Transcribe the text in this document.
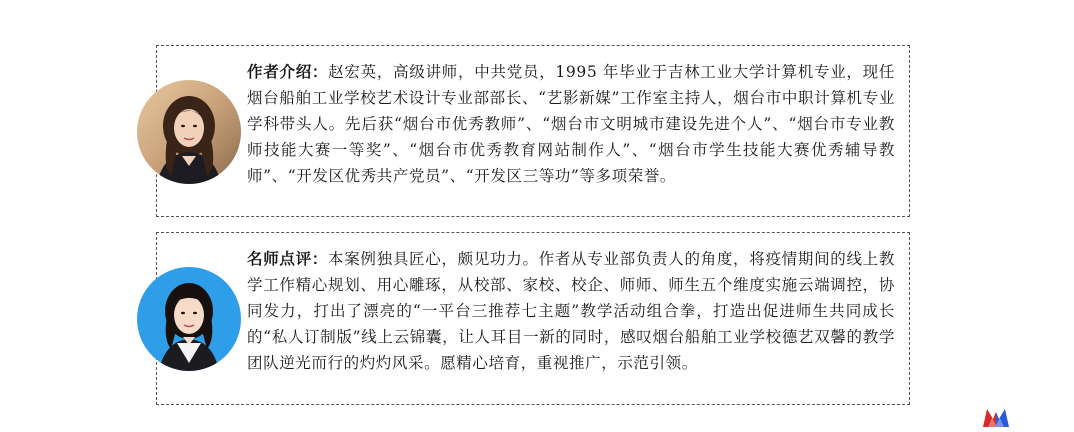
作者介绍：赵宏英，高级讲师，中共党员，1995 年毕业于吉林工业大学计算机专业，现任烟台船舶工业学校艺术设计专业部部长、“艺影新媒”工作室主持人，烟台市中职计算机专业学科带头人。先后获“烟台市优秀教师”、“烟台市文明城市建设先进个人”、“烟台市专业教师技能大赛一等奖”、“烟台市优秀教育网站制作人”、“烟台市学生技能大赛优秀辅导教师”、“开发区优秀共产党员”、“开发区三等功”等多项荣誉。

名师点评：本案例独具匠心，颇见功力。作者从专业部负责人的角度，将疫情期间的线上教学工作精心规划、用心雕琢，从校部、家校、校企、师师、师生五个维度实施云端调控，协同发力，打出了漂亮的“一平台三推荐七主题”教学活动组合拳，打造出促进师生共同成长的“私人订制版”线上云锦囊，让人耳目一新的同时，感叹烟台船舶工业学校德艺双馨的教学团队逆光而行的灼灼风采。愿精心培育，重视推广，示范引领。
